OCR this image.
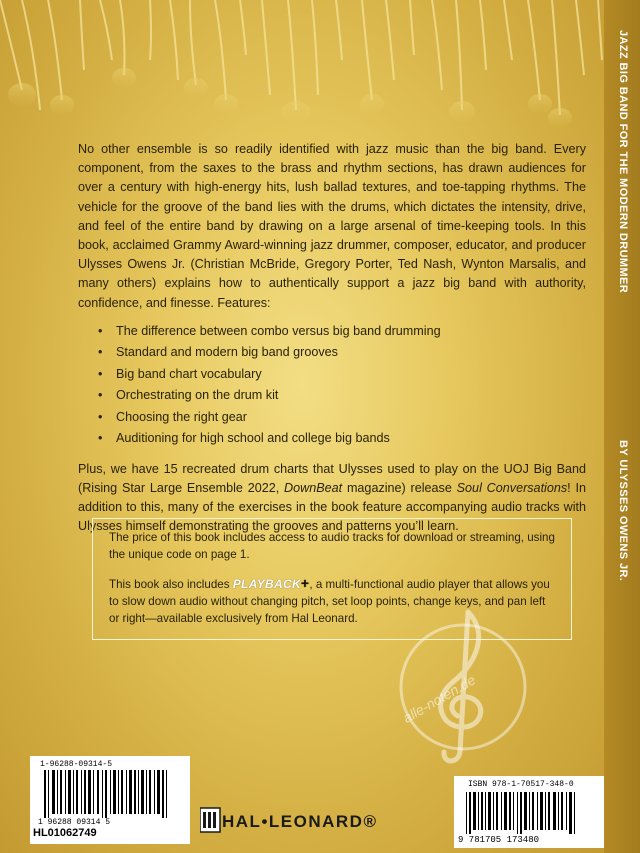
JAZZ BIG BAND FOR THE MODERN DRUMMER
BY ULYSSES OWENS JR.

No other ensemble is so readily identified with jazz music than the big band. Every component, from the saxes to the brass and rhythm sections, has drawn audiences for over a century with high-energy hits, lush ballad textures, and toe-tapping rhythms. The vehicle for the groove of the band lies with the drums, which dictates the intensity, drive, and feel of the entire band by drawing on a large arsenal of time-keeping tools. In this book, acclaimed Grammy Award-winning jazz drummer, composer, educator, and producer Ulysses Owens Jr. (Christian McBride, Gregory Porter, Ted Nash, Wynton Marsalis, and many others) explains how to authentically support a jazz big band with authority, confidence, and finesse. Features:

• The difference between combo versus big band drumming
• Standard and modern big band grooves
• Big band chart vocabulary
• Orchestrating on the drum kit
• Choosing the right gear
• Auditioning for high school and college big bands

Plus, we have 15 recreated drum charts that Ulysses used to play on the UOJ Big Band (Rising Star Large Ensemble 2022, DownBeat magazine) release Soul Conversations! In addition to this, many of the exercises in the book feature accompanying audio tracks with Ulysses himself demonstrating the grooves and patterns you’ll learn.

The price of this book includes access to audio tracks for download or streaming, using the unique code on page 1.

This book also includes PLAYBACK+, a multi-functional audio player that allows you to slow down audio without changing pitch, set loop points, change keys, and pan left or right—available exclusively from Hal Leonard.

alle-noten.de
1 96288 09314 5
1-96288-09314-5
HL01062749
9 781705 173480
ISBN 978-1-70517-348-0
HAL•LEONARD®
